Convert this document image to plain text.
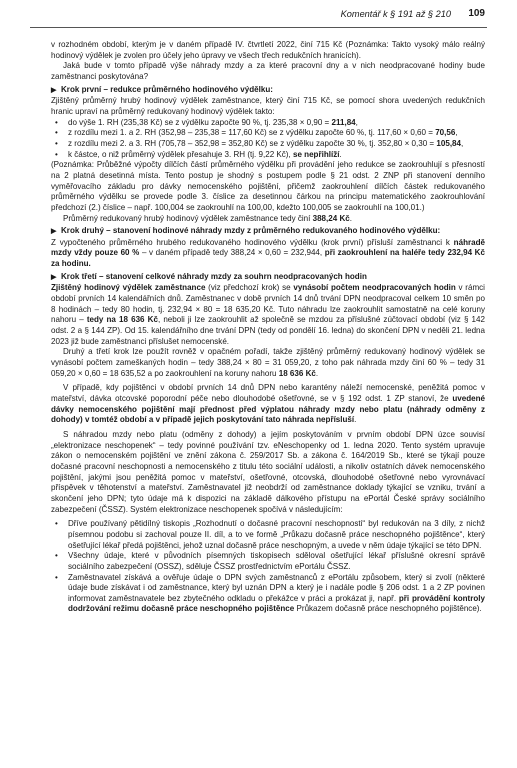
Komentář k § 191 až § 210 109

v rozhodném období, kterým je v daném případě IV. čtvrtletí 2022, činí 715 Kč (Poznámka: Takto vysoký málo reálný hodinový výdělek je zvolen pro účely jeho úpravy ve všech třech redukčních hranicích).

Jaká bude v tomto případě výše náhrady mzdy a za které pracovní dny a v nich neodpracované hodiny bude zaměstnanci poskytována?

▶ Krok první – redukce průměrného hodinového výdělku:

Zjištěný průměrný hrubý hodinový výdělek zaměstnance, který činí 715 Kč, se pomocí shora uvedených redukčních hranic upraví na průměrný redukovaný hodinový výdělek takto:

• do výše 1. RH (235,38 Kč) se z výdělku započte 90 %, tj. 235,38 × 0,90 = 211,84,

• z rozdílu mezi 1. a 2. RH (352,98 – 235,38 = 117,60 Kč) se z výdělku započte 60 %, tj. 117,60 × 0,60 = 70,56,

• z rozdílu mezi 2. a 3. RH (705,78 – 352,98 = 352,80 Kč) se z výdělku započte 30 %, tj. 352,80 × 0,30 = 105,84,

• k částce, o niž průměrný výdělek přesahuje 3. RH (tj. 9,22 Kč), se nepřihlíží.

(Poznámka: Průběžné výpočty dílčích částí průměrného výdělku při provádění jeho redukce se zaokrouhlují s přesností na 2 platná desetinná místa. Tento postup je shodný s postupem podle § 21 odst. 2 ZNP při stanovení denního vyměřovacího základu pro dávky nemocenského pojištění, přičemž zaokrouhlení dílčích částek redukovaného průměrného výdělku se provede podle 3. číslice za desetinnou čárkou na principu matematického zaokrouhlování předchozí (2.) číslice – např. 100,004 se zaokrouhlí na 100,00, kdežto 100,005 se zaokrouhlí na 100,01.)

Průměrný redukovaný hrubý hodinový výdělek zaměstnance tedy činí 388,24 Kč.

▶ Krok druhý – stanovení hodinové náhrady mzdy z průměrného redukovaného hodinového výdělku:

Z vypočteného průměrného hrubého redukovaného hodinového výdělku (krok první) přísluší zaměstnanci k náhradě mzdy vždy pouze 60 % – v daném případě tedy 388,24 × 0,60 = 232,944, při zaokrouhlení na haléře tedy 232,94 Kč za hodinu.

▶ Krok třetí – stanovení celkové náhrady mzdy za souhrn neodpracovaných hodin

Zjištěný hodinový výdělek zaměstnance (viz předchozí krok) se vynásobí počtem neodpracovaných hodin v rámci období prvních 14 kalendářních dnů. Zaměstnanec v době prvních 14 dnů trvání DPN neodpracoval celkem 10 směn po 8 hodinách – tedy 80 hodin, tj. 232,94 × 80 = 18 635,20 Kč. Tuto náhradu lze zaokrouhlit samostatně na celé koruny nahoru – tedy na 18 636 Kč, neboli ji lze zaokrouhlit až společně se mzdou za příslušné zúčtovací období (viz § 142 odst. 2 a § 144 ZP). Od 15. kalendářního dne trvání DPN (tedy od pondělí 16. ledna) do skončení DPN v neděli 21. ledna 2023 již bude zaměstnanci příslušet nemocenské.

Druhý a třetí krok lze použít rovněž v opačném pořadí, takže zjištěný průměrný redukovaný hodinový výdělek se vynásobí počtem zameškaných hodin – tedy 388,24 × 80 = 31 059,20, z toho pak náhrada mzdy činí 60 % – tedy 31 059,20 × 0,60 = 18 635,52 a po zaokrouhlení na koruny nahoru 18 636 Kč.

V případě, kdy pojištěnci v období prvních 14 dnů DPN nebo karantény náleží nemocenské, peněžitá pomoc v mateřství, dávka otcovské poporodní péče nebo dlouhodobé ošetřovné, se v § 192 odst. 1 ZP stanoví, že uvedené dávky nemocenského pojištění mají přednost před výplatou náhrady mzdy nebo platu (náhrady odměny z dohody) v tomtéž období a v případě jejich poskytování tato náhrada nepřísluší.

S náhradou mzdy nebo platu (odměny z dohody) a jejím poskytováním v prvním období DPN úzce souvisí „elektronizace neschopenek“ – tedy povinné používání tzv. eNeschopenky od 1. ledna 2020. Tento systém upravuje zákon o nemocenském pojištění ve znění zákona č. 259/2017 Sb. a zákona č. 164/2019 Sb., které se týkají pouze dočasné pracovní neschopnosti a nemocenského z titulu této sociální události, a nikoliv ostatních dávek nemocenského pojištění, jakými jsou peněžitá pomoc v mateřství, ošetřovné, otcovská, dlouhodobé ošetřovné nebo vyrovnávací příspěvek v těhotenství a mateřství. Zaměstnavatel již neobdrží od zaměstnance doklady týkající se vzniku, trvání a skončení jeho DPN; tyto údaje má k dispozici na základě dálkového přístupu na ePortál České správy sociálního zabezpečení (ČSSZ). Systém elektronizace neschopenek spočívá v následujícím:

• Dříve používaný pětidílný tiskopis „Rozhodnutí o dočasné pracovní neschopnosti“ byl redukován na 3 díly, z nichž písemnou podobu si zachoval pouze II. díl, a to ve formě „Průkazu dočasně práce neschopného pojištěnce“, který ošetřující lékař předá pojištěnci, jehož uznal dočasně práce neschopným, a uvede v něm údaje týkající se této DPN.

• Všechny údaje, které v původních písemných tiskopisech sděloval ošetřující lékař příslušné okresní správě sociálního zabezpečení (OSSZ), sděluje ČSSZ prostřednictvím ePortálu ČSSZ.

• Zaměstnavatel získává a ověřuje údaje o DPN svých zaměstnanců z ePortálu způsobem, který si zvolí (některé údaje bude získávat i od zaměstnance, který byl uznán DPN a který je i nadále podle § 206 odst. 1 a 2 ZP povinen informovat zaměstnavatele bez zbytečného odkladu o překážce v práci a prokázat ji, např. při provádění kontroly dodržování režimu dočasně práce neschopného pojištěnce Průkazem dočasně práce neschopného pojištěnce).
